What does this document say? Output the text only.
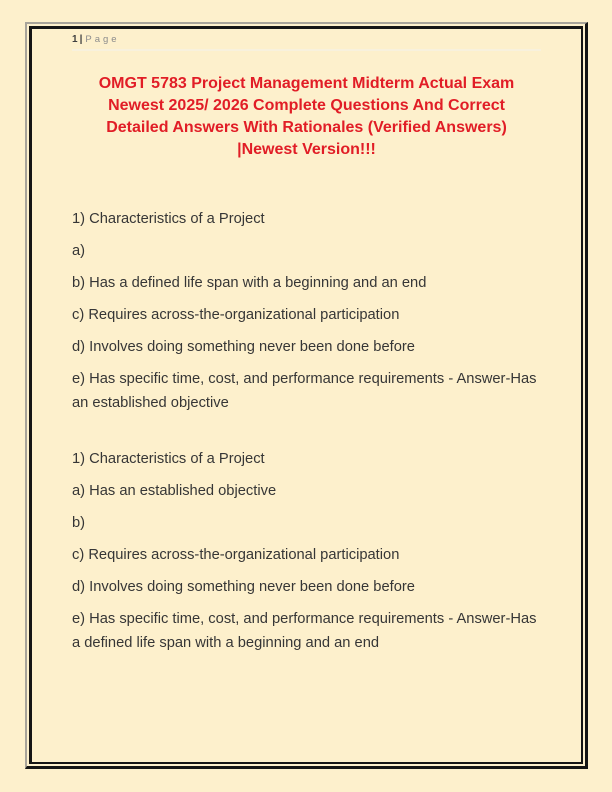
1 | Page
OMGT 5783 Project Management Midterm Actual Exam
Newest 2025/ 2026 Complete Questions And Correct
Detailed Answers With Rationales (Verified Answers)
|Newest Version!!!

1) Characteristics of a Project

a)

b) Has a defined life span with a beginning and an end

c) Requires across-the-organizational participation

d) Involves doing something never been done before

e) Has specific time, cost, and performance requirements - Answer-Has an established objective

1) Characteristics of a Project

a) Has an established objective

b)

c) Requires across-the-organizational participation

d) Involves doing something never been done before

e) Has specific time, cost, and performance requirements - Answer-Has a defined life span with a beginning and an end
